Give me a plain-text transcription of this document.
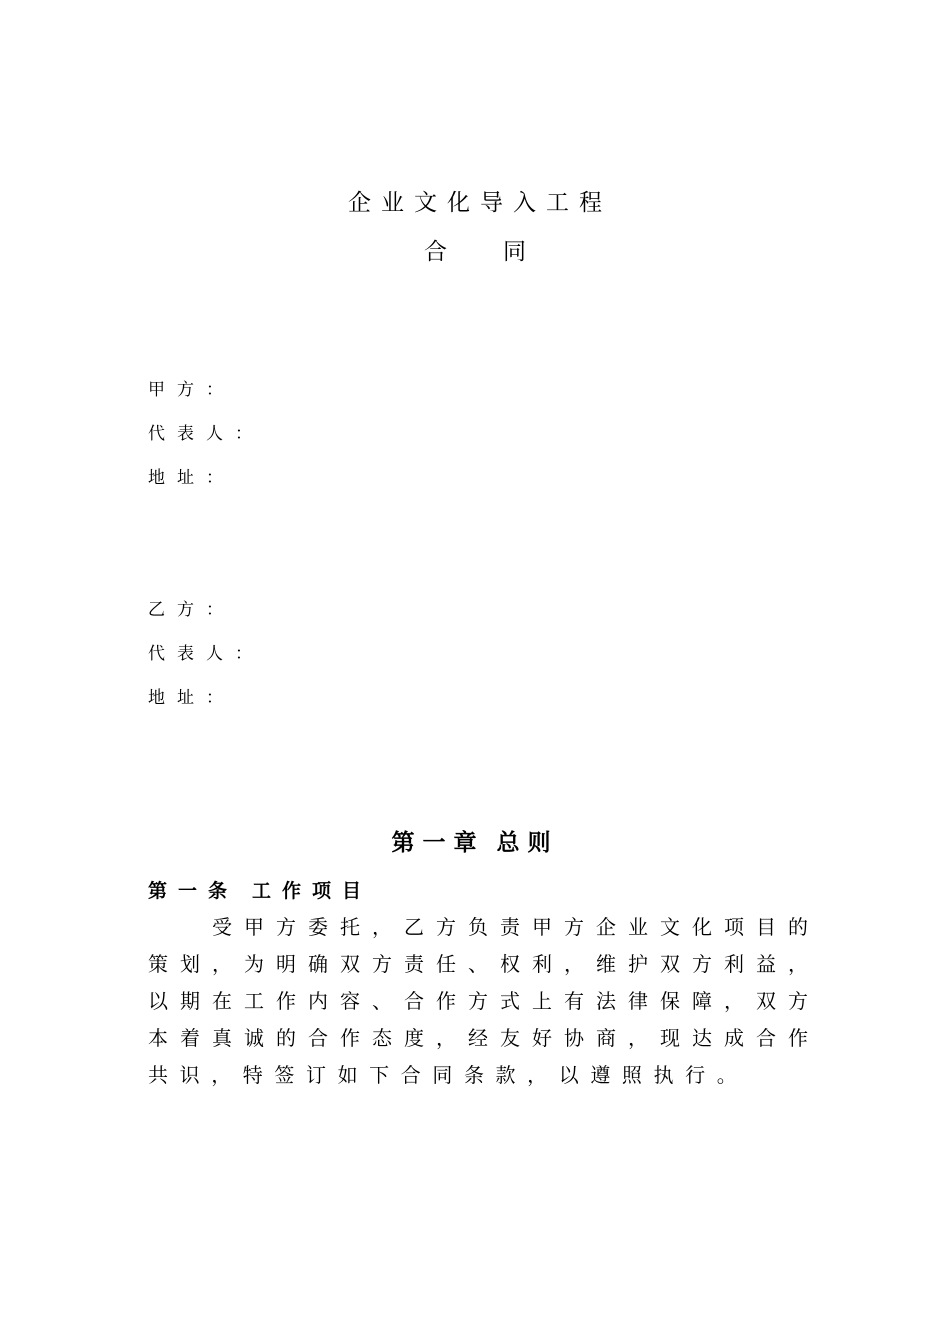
企业文化导入工程
合 同
甲方：
代表人：
地址：
乙方：
代表人：
地址：
第一章 总则
第一条 工作项目

受 甲 方 委 托 ， 乙 方 负 责 甲 方 企 业 文 化 项 目 的
策 划 ， 为 明 确 双 方 责 任 、 权 利 ， 维 护 双 方 利 益 ，
以 期 在 工 作 内 容 、 合 作 方 式 上 有 法 律 保 障 ， 双 方
本 着 真 诚 的 合 作 态 度 ， 经 友 好 协 商 ， 现 达 成 合 作
共 识 ， 特 签 订 如 下 合 同 条 款 ， 以 遵 照 执 行 。
